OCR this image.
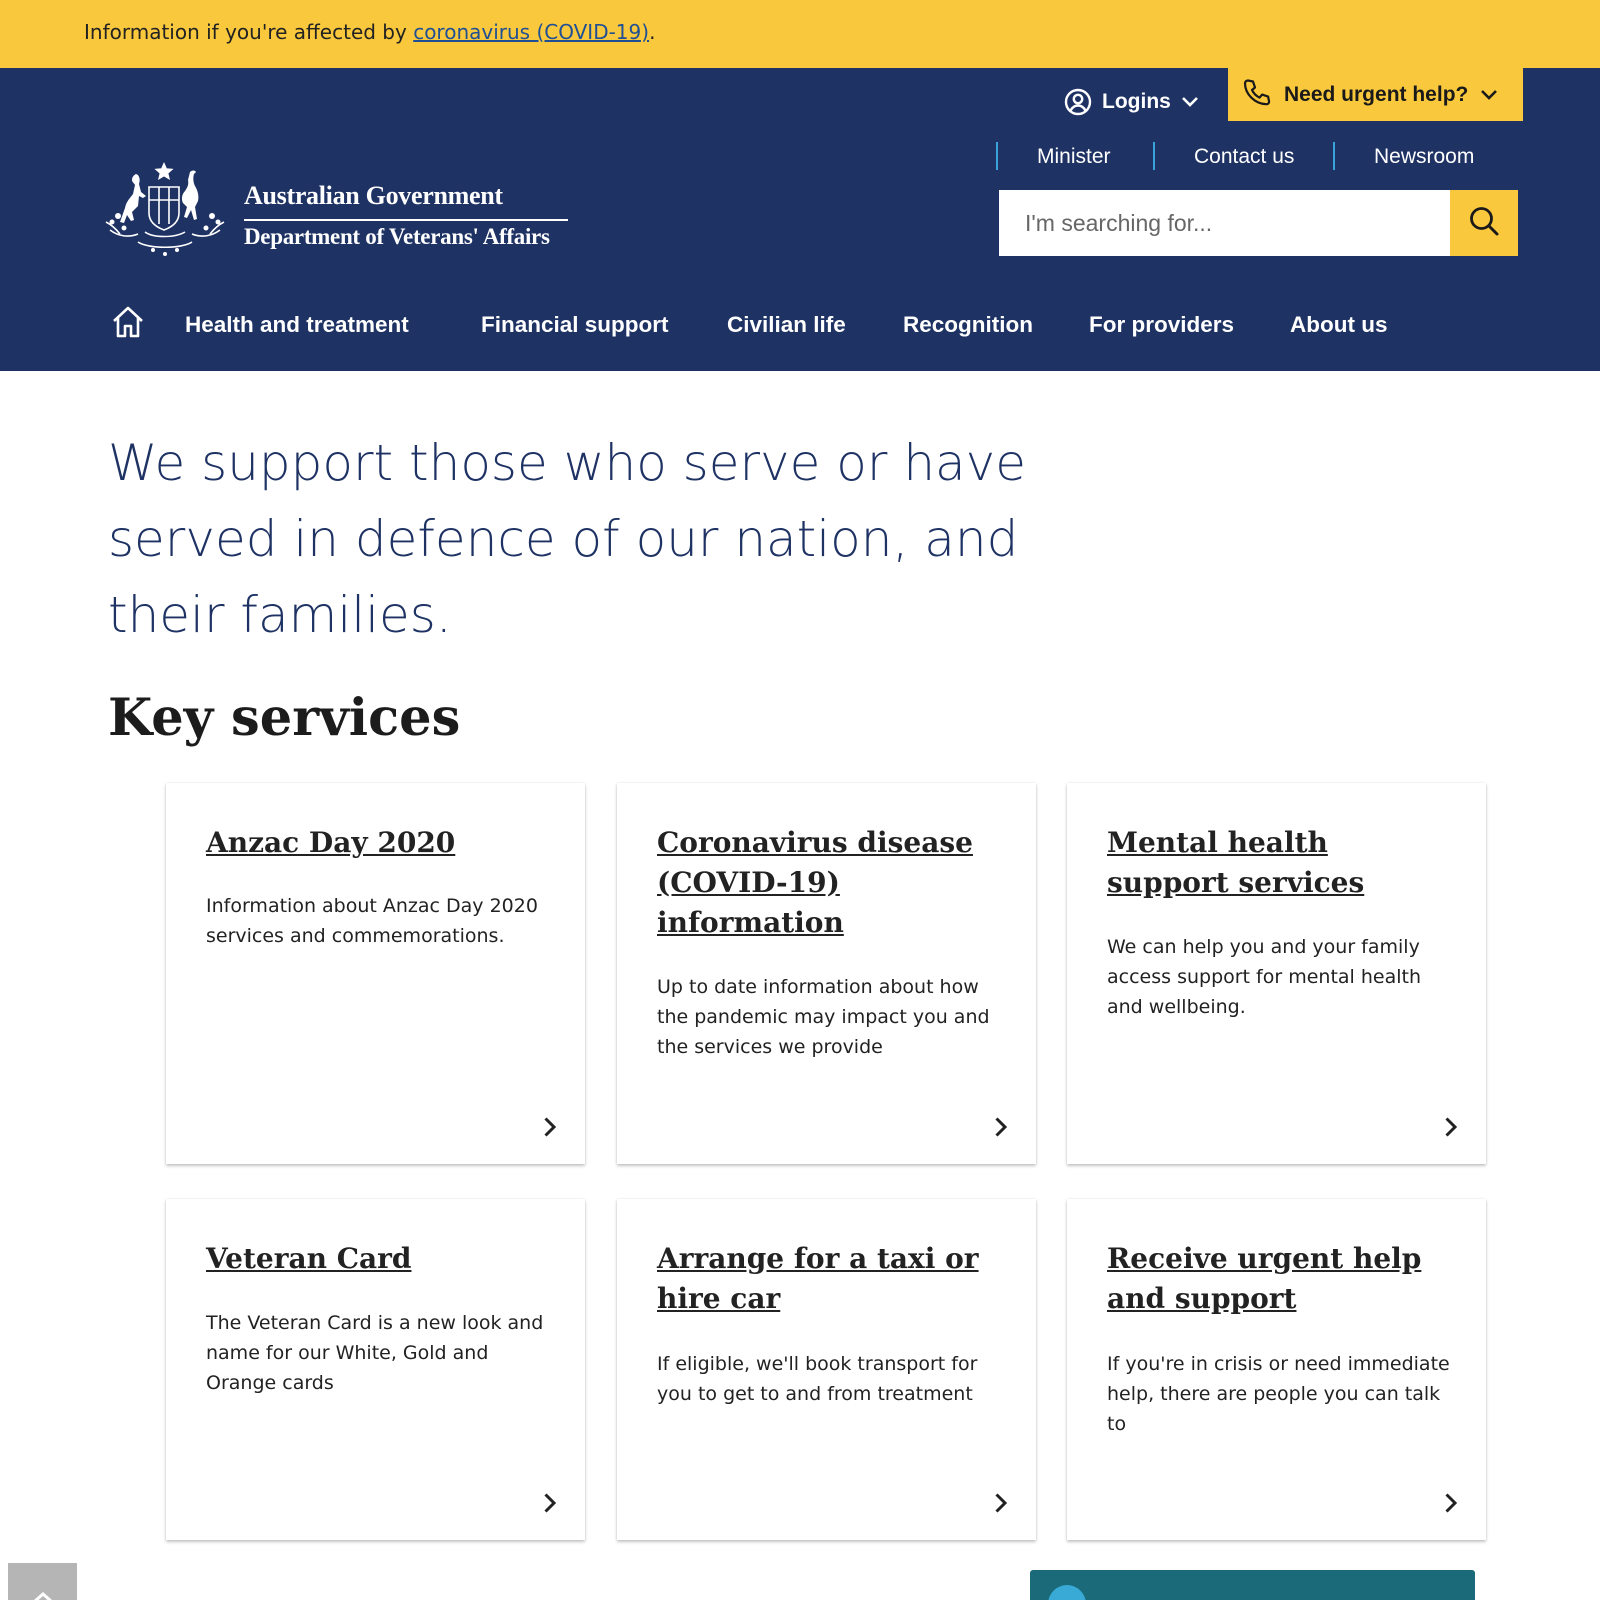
Information if you're affected by coronavirus (COVID-19).
Logins	Need urgent help?
Minister	Contact us	Newsroom
I'm searching for...
Australian Government
Department of Veterans' Affairs
Health and treatment	Financial support	Civilian life	Recognition For providers About us
We support those who serve or have served in defence of our nation, and their families.
Key services
Anzac Day 2020
Information about Anzac Day 2020 services and commemorations.
Coronavirus disease (COVID-19) information
Up to date information about how the pandemic may impact you and the services we provide
Mental health support services
We can help you and your family access support for mental health and wellbeing.
Veteran Card
The Veteran Card is a new look and name for our White, Gold and Orange cards
Arrange for a taxi or hire car
If eligible, we'll book transport for you to get to and from treatment
Receive urgent help and support
If you're in crisis or need immediate help, there are people you can talk to
